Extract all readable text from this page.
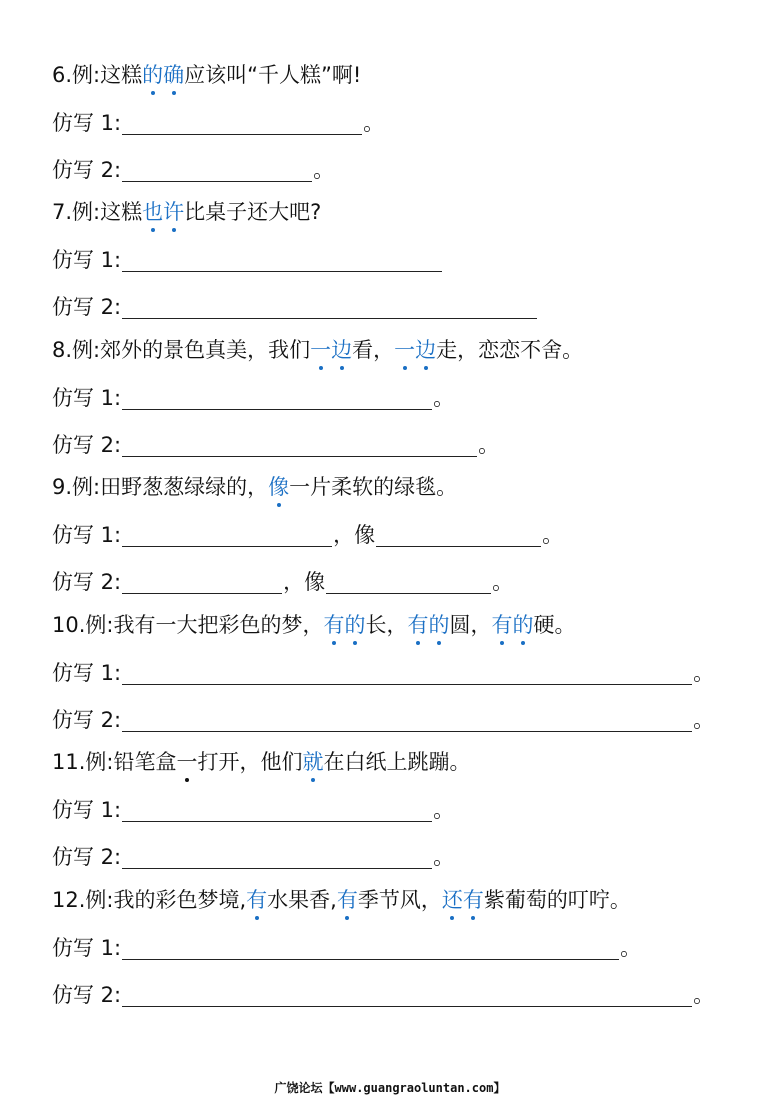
6. 例: 这糕 的确 应该叫“千人糕”啊!
仿写 1:	。
仿写 2:	。
7. 例: 这糕 也许 比桌子还大吧?
仿写 1:
仿写 2:
8. 例: 郊外的景色真美，我们 一边 看， 一边 走，恋恋不舍。
仿写 1:	。
仿写 2:	。
9. 例: 田野葱葱绿绿的， 像 一片柔软的绿毯。
仿写 1:	，像	。
仿写 2:	，像	。
10. 例: 我有一大把彩色的梦， 有的 长， 有的 圆， 有的 硬。
仿写 1:	。
仿写 2:	。
11. 例: 铅笔盒 一 打开，他们 就 在白纸上跳蹦。
仿写 1:	。
仿写 2:	。
12. 例: 我的彩色梦境, 有 水果香, 有 季节风， 还有 紫葡萄的叮咛。
仿写 1:	。
仿写 2:	。
广饶论坛【www.guangraoluntan.com】
